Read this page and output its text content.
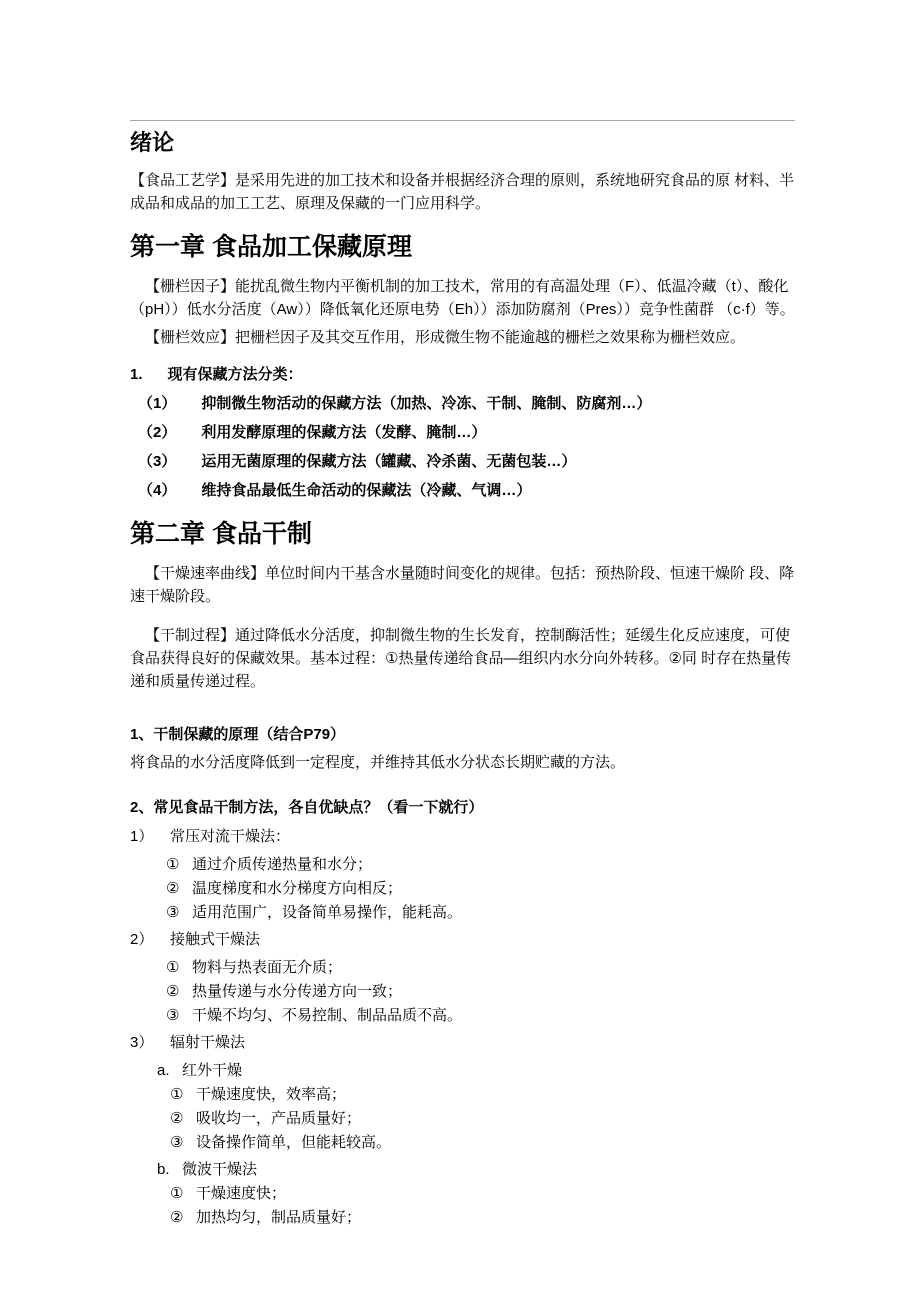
绪论
【食品工艺学】是采用先进的加工技术和设备并根据经济合理的原则，系统地研究食品的原 材料、半成品和成品的加工工艺、原理及保藏的一门应用科学。
第一章 食品加工保藏原理
【栅栏因子】能扰乱微生物内平衡机制的加工技术，常用的有高温处理（F）、低温冷藏（t）、酸化（pH））低水分活度（Aw））降低氧化还原电势（Eh））添加防腐剂（Pres））竞争性菌群 （c·f）等。
【栅栏效应】把栅栏因子及其交互作用，形成微生物不能逾越的栅栏之效果称为栅栏效应。
1.      现有保藏方法分类：
（1）      抑制微生物活动的保藏方法（加热、冷冻、干制、腌制、防腐剂…）
（2）      利用发酵原理的保藏方法（发酵、腌制…）
（3）      运用无菌原理的保藏方法（罐藏、冷杀菌、无菌包装…）
（4）      维持食品最低生命活动的保藏法（冷藏、气调…）
第二章 食品干制
【干燥速率曲线】单位时间内干基含水量随时间变化的规律。包括：预热阶段、恒速干燥阶 段、降速干燥阶段。
【干制过程】通过降低水分活度，抑制微生物的生长发育，控制酶活性；延缓生化反应速度，可使食品获得良好的保藏效果。基本过程：①热量传递给食品—组织内水分向外转移。②同 时存在热量传递和质量传递过程。
1、干制保藏的原理（结合P79）
将食品的水分活度降低到一定程度，并维持其低水分状态长期贮藏的方法。
2、常见食品干制方法，各自优缺点？（看一下就行）
1）    常压对流干燥法：
①   通过介质传递热量和水分；
②   温度梯度和水分梯度方向相反；
③   适用范围广，设备简单易操作，能耗高。
2）    接触式干燥法
①   物料与热表面无介质；
②   热量传递与水分传递方向一致；
③   干燥不均匀、不易控制、制品品质不高。
3）    辐射干燥法
a.   红外干燥
①   干燥速度快，效率高；
②   吸收均一，产品质量好；
③   设备操作简单，但能耗较高。
b.   微波干燥法
①   干燥速度快；
②   加热均匀，制品质量好；
